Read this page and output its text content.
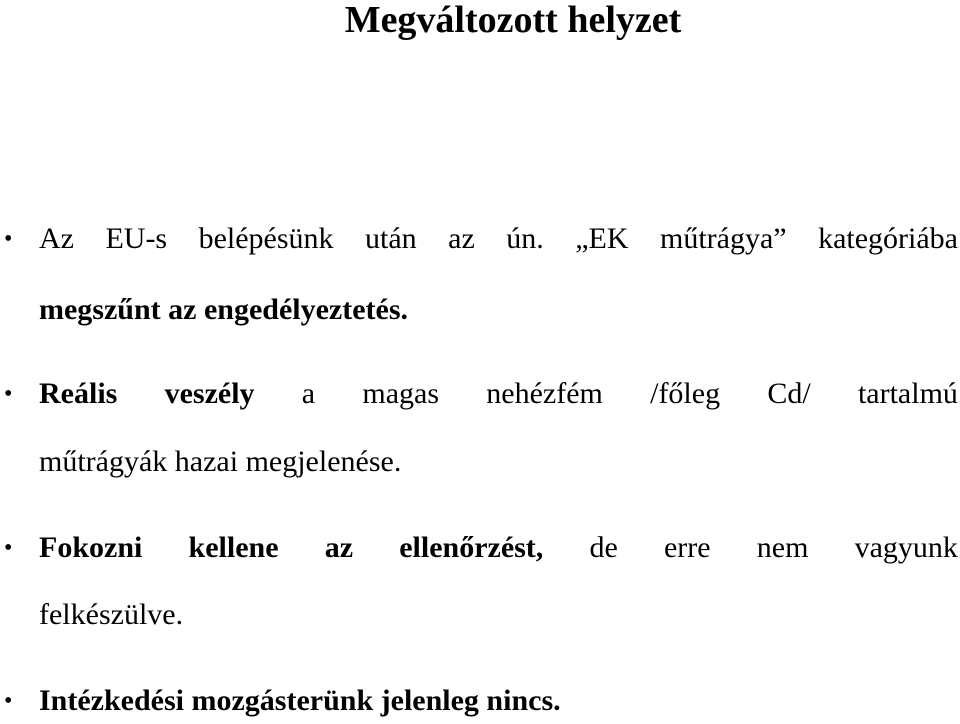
Megváltozott helyzet
• Az EU-s belépésünk után az ún. „EK műtrágya” kategóriába
megszűnt az engedélyeztetés.
• Reális veszély a magas nehézfém /főleg Cd/ tartalmú
műtrágyák hazai megjelenése.
• Fokozni kellene az ellenőrzést, de erre nem vagyunk
felkészülve.
• Intézkedési mozgásterünk jelenleg nincs.
